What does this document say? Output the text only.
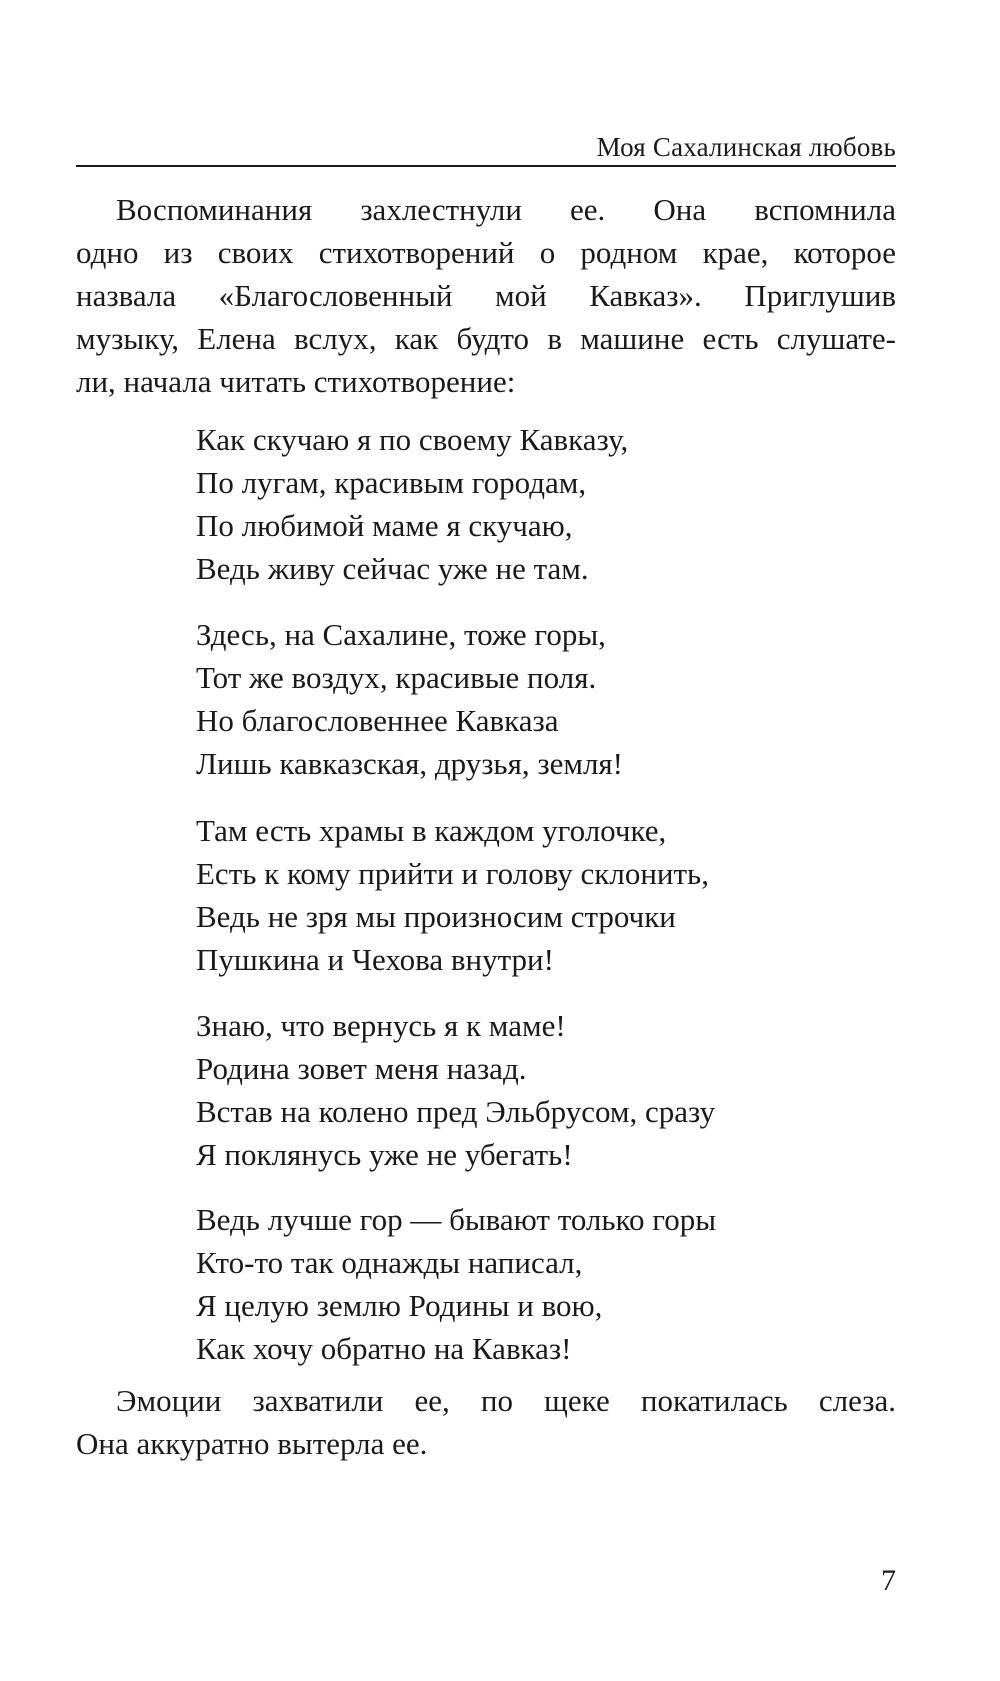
Моя Сахалинская любовь
Воспоминания захлестнули ее. Она вспомнила
одно из своих стихотворений о родном крае, которое
назвала «Благословенный мой Кавказ». Приглушив
музыку, Елена вслух, как будто в машине есть слушате-
ли, начала читать стихотворение:
Как скучаю я по своему Кавказу,
По лугам, красивым городам,
По любимой маме я скучаю,
Ведь живу сейчас уже не там.
Здесь, на Сахалине, тоже горы,
Тот же воздух, красивые поля.
Но благословеннее Кавказа
Лишь кавказская, друзья, земля!
Там есть храмы в каждом уголочке,
Есть к кому прийти и голову склонить,
Ведь не зря мы произносим строчки
Пушкина и Чехова внутри!
Знаю, что вернусь я к маме!
Родина зовет меня назад.
Встав на колено пред Эльбрусом, сразу
Я поклянусь уже не убегать!
Ведь лучше гор — бывают только горы
Кто-то так однажды написал,
Я целую землю Родины и вою,
Как хочу обратно на Кавказ!
Эмоции захватили ее, по щеке покатилась слеза.
Она аккуратно вытерла ее.
7
